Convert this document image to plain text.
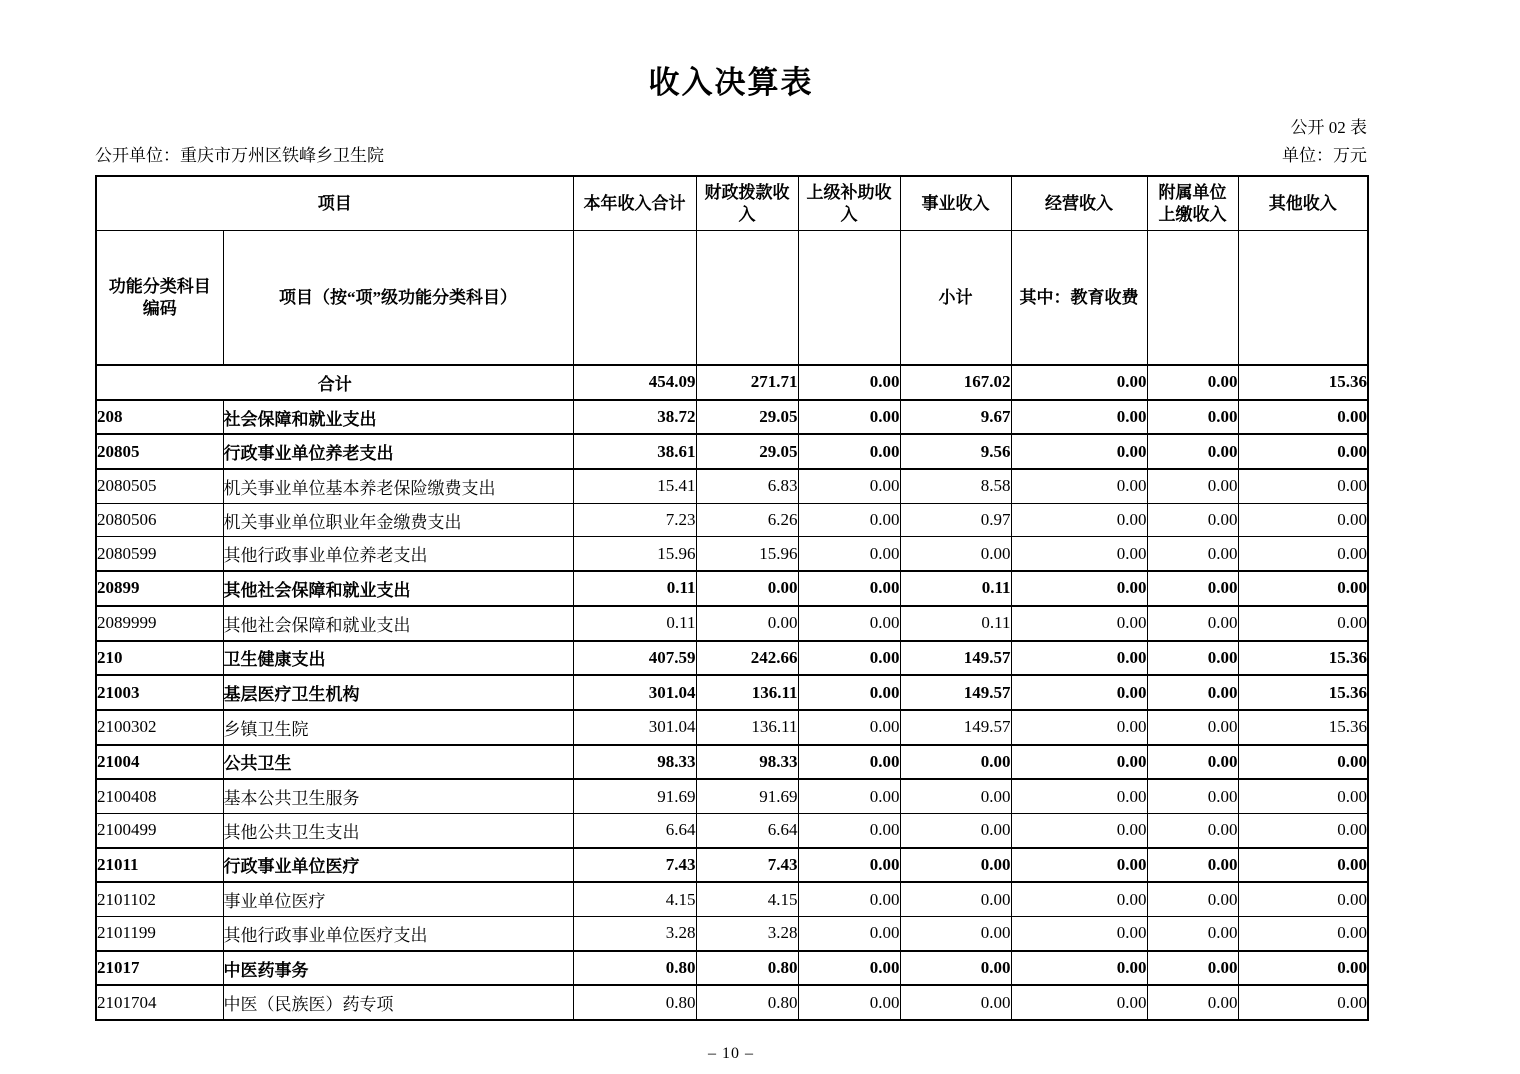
收入决算表
公开 02 表
公开单位：重庆市万州区铁峰乡卫生院	单位：万元
项目		本年收入合计	财政拨款收入	上级补助收入	事业收入	经营收入	附属单位上缴收入	其他收入
功能分类科目编码	项目（按“项”级功能分类科目）				小计	其中：教育收费		
合计		454.09	271.71	0.00	167.02	0.00	0.00	15.36
208	社会保障和就业支出	38.72	29.05	0.00	9.67	0.00	0.00	0.00
20805	行政事业单位养老支出	38.61	29.05	0.00	9.56	0.00	0.00	0.00
2080505	机关事业单位基本养老保险缴费支出	15.41	6.83	0.00	8.58	0.00	0.00	0.00
2080506	机关事业单位职业年金缴费支出	7.23	6.26	0.00	0.97	0.00	0.00	0.00
2080599	其他行政事业单位养老支出	15.96	15.96	0.00	0.00	0.00	0.00	0.00
20899	其他社会保障和就业支出	0.11	0.00	0.00	0.11	0.00	0.00	0.00
2089999	其他社会保障和就业支出	0.11	0.00	0.00	0.11	0.00	0.00	0.00
210	卫生健康支出	407.59	242.66	0.00	149.57	0.00	0.00	15.36
21003	基层医疗卫生机构	301.04	136.11	0.00	149.57	0.00	0.00	15.36
2100302	乡镇卫生院	301.04	136.11	0.00	149.57	0.00	0.00	15.36
21004	公共卫生	98.33	98.33	0.00	0.00	0.00	0.00	0.00
2100408	基本公共卫生服务	91.69	91.69	0.00	0.00	0.00	0.00	0.00
2100499	其他公共卫生支出	6.64	6.64	0.00	0.00	0.00	0.00	0.00
21011	行政事业单位医疗	7.43	7.43	0.00	0.00	0.00	0.00	0.00
2101102	事业单位医疗	4.15	4.15	0.00	0.00	0.00	0.00	0.00
2101199	其他行政事业单位医疗支出	3.28	3.28	0.00	0.00	0.00	0.00	0.00
21017	中医药事务	0.80	0.80	0.00	0.00	0.00	0.00	0.00
2101704	中医（民族医）药专项	0.80	0.80	0.00	0.00	0.00	0.00	0.00
– 10 –
